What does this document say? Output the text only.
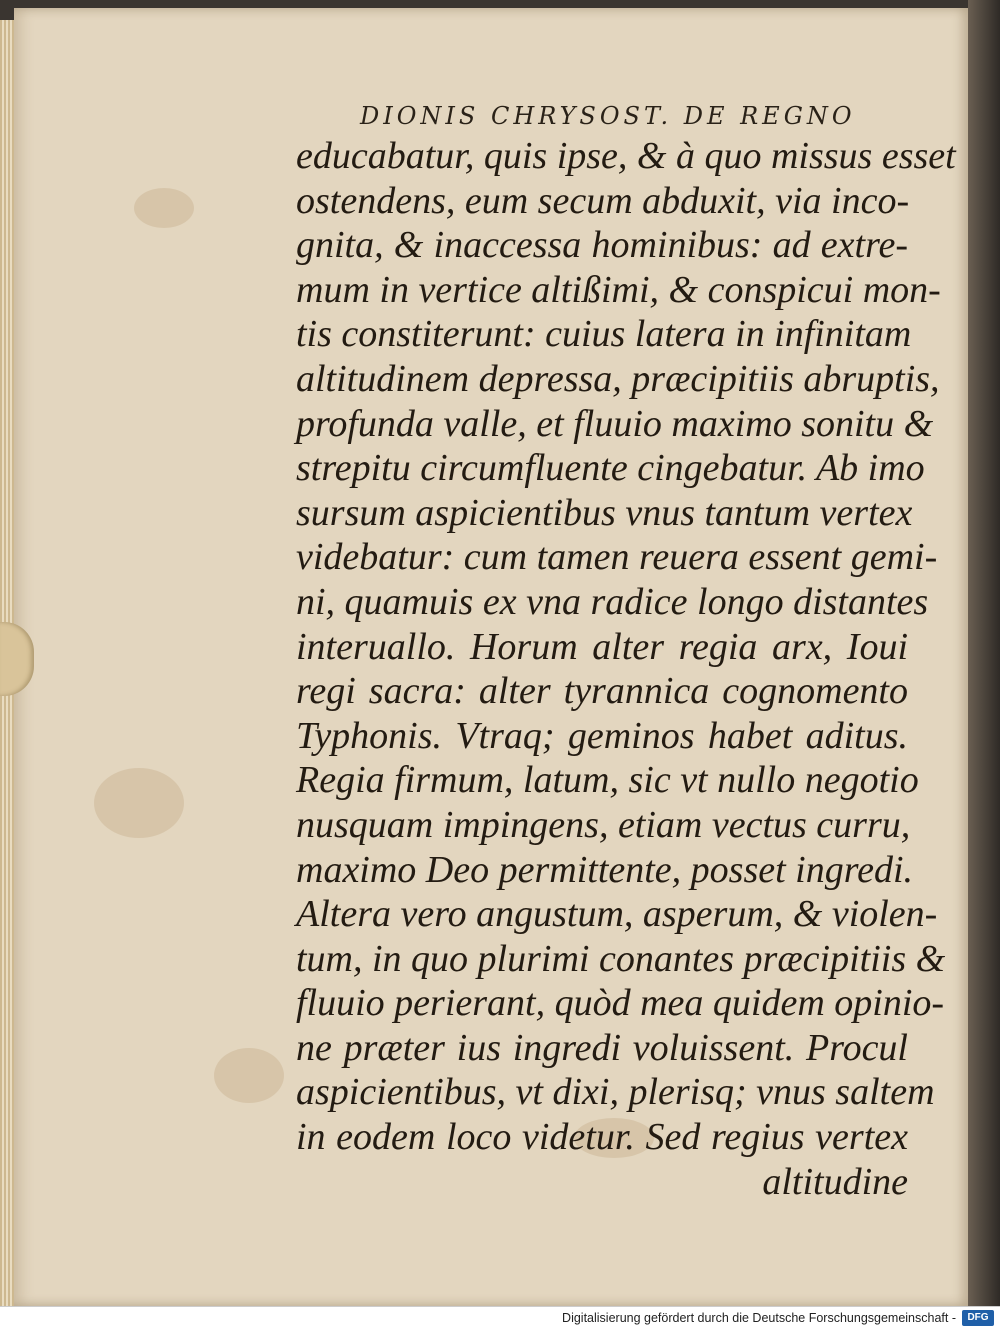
DIONIS CHRYSOST. DE REGNO
educabatur, quis ipse, & à quo missus esset
ostendens, eum secum abduxit, via inco-
gnita, & inaccessa hominibus: ad extre-
mum in vertice altißimi, & conspicui mon-
tis constiterunt: cuius latera in infinitam
altitudinem depressa, præcipitiis abruptis,
profunda valle, et fluuio maximo sonitu &
strepitu circumfluente cingebatur. Ab imo
sursum aspicientibus vnus tantum vertex
videbatur: cum tamen reuera essent gemi-
ni, quamuis ex vna radice longo distantes
interuallo. Horum alter regia arx, Ioui
regi sacra: alter tyrannica cognomento
Typhonis. Vtraq; geminos habet aditus.
Regia firmum, latum, sic vt nullo negotio
nusquam impingens, etiam vectus curru,
maximo Deo permittente, posset ingredi.
Altera vero angustum, asperum, & violen-
tum, in quo plurimi conantes præcipitiis &
fluuio perierant, quòd mea quidem opinio-
ne præter ius ingredi voluissent. Procul
aspicientibus, vt dixi, plerisq; vnus saltem
in eodem loco videtur. Sed regius vertex
altitudine
Digitalisierung gefördert durch die Deutsche Forschungsgemeinschaft -	DFG
